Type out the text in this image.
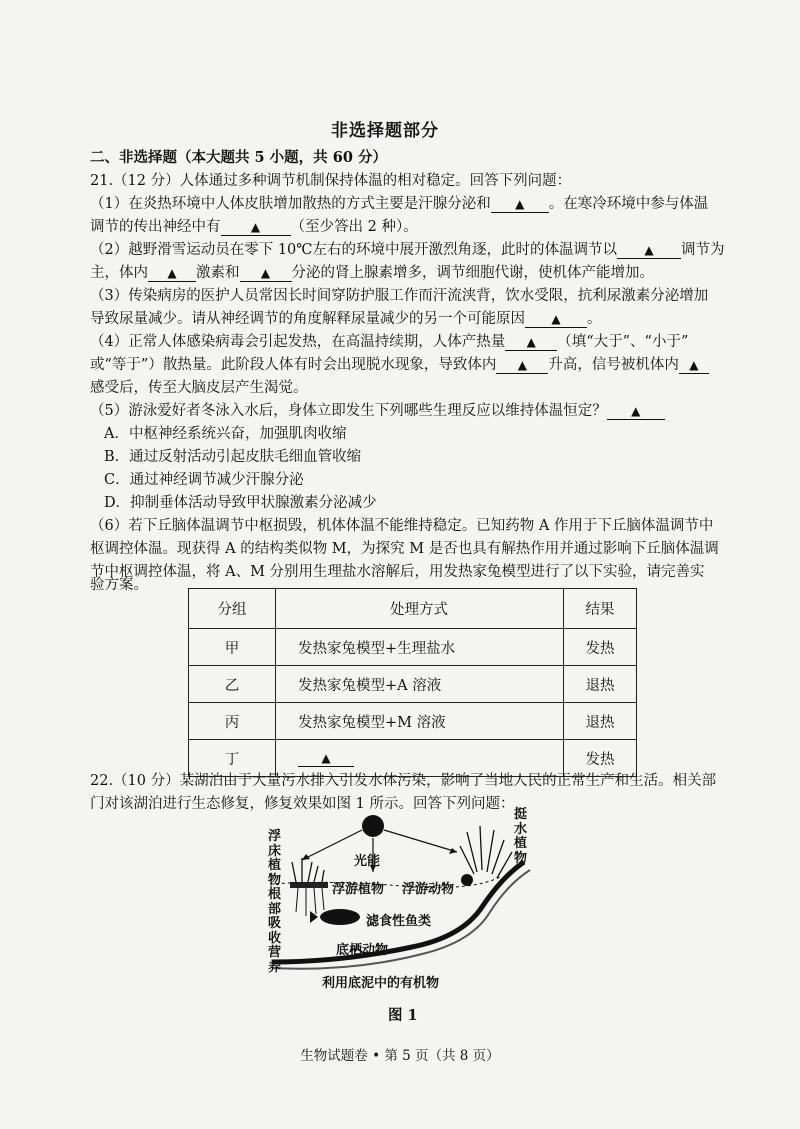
非选择题部分
二、非选择题（本大题共 5 小题，共 60 分）
21.（12 分）人体通过多种调节机制保持体温的相对稳定。回答下列问题：
（1）在炎热环境中人体皮肤增加散热的方式主要是汗腺分泌和 ▲ 。在寒冷环境中参与体温
调节的传出神经中有	▲ （至少答出 2 种）。
（2）越野滑雪运动员在零下 10℃左右的环境中展开激烈角逐，此时的体温调节以 ▲ 调节为
主，体内 ▲ 激素和 ▲ 分泌的肾上腺素增多，调节细胞代谢，使机体产能增加。
（3）传染病房的医护人员常因长时间穿防护服工作而汗流浃背，饮水受限，抗利尿激素分泌增加
导致尿量减少。请从神经调节的角度解释尿量减少的另一个可能原因 ▲ 。
（4）正常人体感染病毒会引起发热，在高温持续期，人体产热量 ▲ （填“大于”、“小于”
或“等于”）散热量。此阶段人体有时会出现脱水现象，导致体内 ▲ 升高，信号被机体内 ▲
感受后，传至大脑皮层产生渴觉。
（5）游泳爱好者冬泳入水后，身体立即发生下列哪些生理反应以维持体温恒定？ ▲
A．中枢神经系统兴奋，加强肌肉收缩
B．通过反射活动引起皮肤毛细血管收缩
C．通过神经调节减少汗腺分泌
D．抑制垂体活动导致甲状腺激素分泌减少
（6）若下丘脑体温调节中枢损毁，机体体温不能维持稳定。已知药物 A 作用于下丘脑体温调节中
枢调控体温。现获得 A 的结构类似物 M，为探究 M 是否也具有解热作用并通过影响下丘脑体温调
节中枢调控体温，将 A、M 分别用生理盐水溶解后，用发热家兔模型进行了以下实验，请完善实
分组	处理方式	结果
甲	发热家兔模型+生理盐水	发热
乙	发热家兔模型+A 溶液	退热
丙	发热家兔模型+M 溶液	退热
丁	▲	发热
验方案。
22.（10 分）某湖泊由于大量污水排入引发水体污染，影响了当地人民的正常生产和生活。相关部
门对该湖泊进行生态修复，修复效果如图 1 所示。回答下列问题：
光能
浮游植物 浮游动物
滤食性鱼类
底栖动物
利用底泥中的有机物
浮床植物根部吸收营养
挺水植物
图 1
生物试题卷 • 第 5 页（共 8 页）
